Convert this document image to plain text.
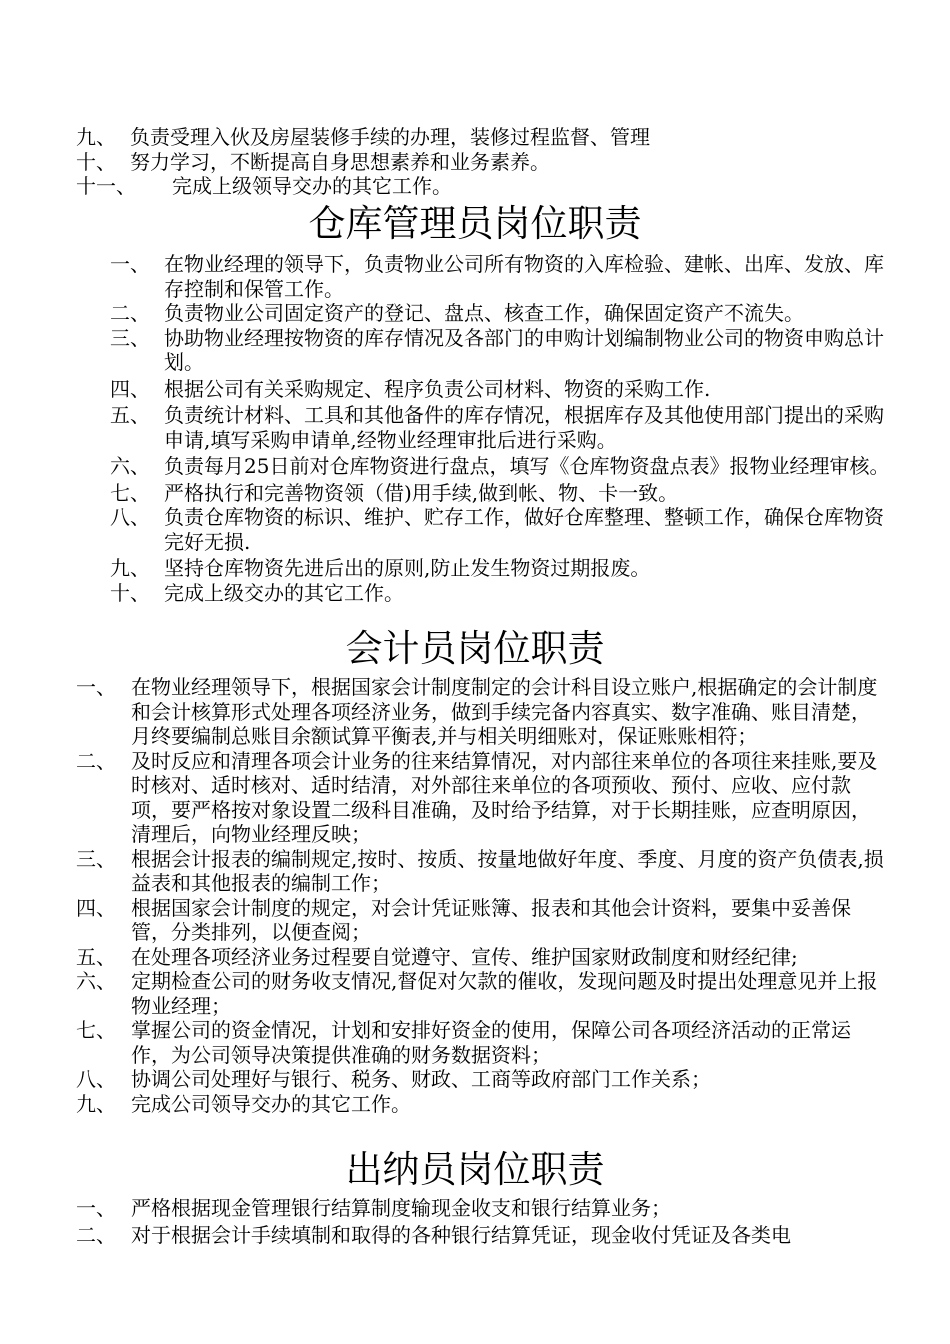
九、 负责受理入伙及房屋装修手续的办理，装修过程监督、管理
十、 努力学习，不断提高自身思想素养和业务素养。
十一、 完成上级领导交办的其它工作。
仓库管理员岗位职责
一、 在物业经理的领导下，负责物业公司所有物资的入库检验、建帐、出库、发放、库存控制和保管工作。
二、 负责物业公司固定资产的登记、盘点、核查工作，确保固定资产不流失。
三、 协助物业经理按物资的库存情况及各部门的申购计划编制物业公司的物资申购总计划。
四、 根据公司有关采购规定、程序负责公司材料、物资的采购工作.
五、 负责统计材料、工具和其他备件的库存情况，根据库存及其他使用部门提出的采购申请,填写采购申请单,经物业经理审批后进行采购。
六、 负责每月25日前对仓库物资进行盘点，填写《仓库物资盘点表》报物业经理审核。
七、 严格执行和完善物资领（借)用手续,做到帐、物、卡一致。
八、 负责仓库物资的标识、维护、贮存工作，做好仓库整理、整顿工作，确保仓库物资完好无损.
九、 坚持仓库物资先进后出的原则,防止发生物资过期报废。
十、 完成上级交办的其它工作。
会计员岗位职责
一、 在物业经理领导下，根据国家会计制度制定的会计科目设立账户,根据确定的会计制度和会计核算形式处理各项经济业务，做到手续完备内容真实、数字准确、账目清楚，月终要编制总账目余额试算平衡表,并与相关明细账对，保证账账相符；
二、 及时反应和清理各项会计业务的往来结算情况，对内部往来单位的各项往来挂账,要及时核对、适时核对、适时结清，对外部往来单位的各项预收、预付、应收、应付款项，要严格按对象设置二级科目准确，及时给予结算，对于长期挂账，应查明原因，清理后，向物业经理反映；
三、 根据会计报表的编制规定,按时、按质、按量地做好年度、季度、月度的资产负债表,损益表和其他报表的编制工作；
四、 根据国家会计制度的规定，对会计凭证账簿、报表和其他会计资料，要集中妥善保管，分类排列，以便查阅；
五、 在处理各项经济业务过程要自觉遵守、宣传、维护国家财政制度和财经纪律;
六、 定期检查公司的财务收支情况,督促对欠款的催收，发现问题及时提出处理意见并上报物业经理；
七、 掌握公司的资金情况，计划和安排好资金的使用，保障公司各项经济活动的正常运作，为公司领导决策提供准确的财务数据资料；
八、 协调公司处理好与银行、税务、财政、工商等政府部门工作关系；
九、 完成公司领导交办的其它工作。
出纳员岗位职责
一、 严格根据现金管理银行结算制度输现金收支和银行结算业务；
二、 对于根据会计手续填制和取得的各种银行结算凭证，现金收付凭证及各类电
